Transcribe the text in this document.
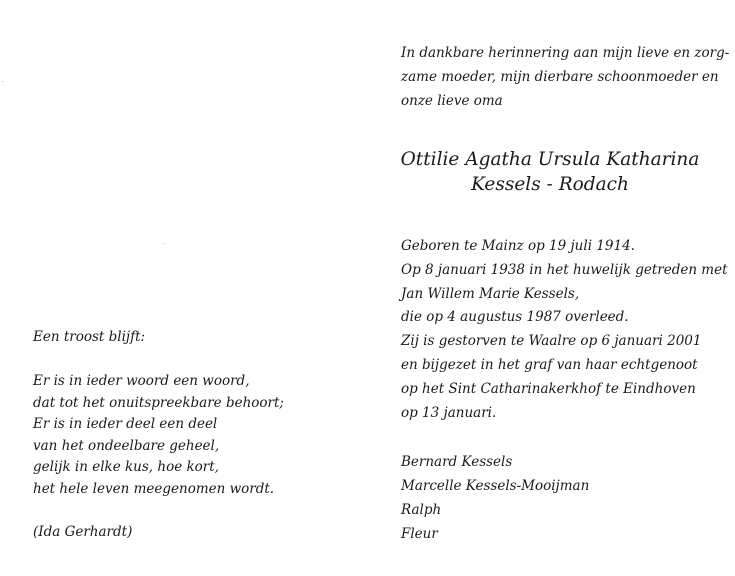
Een troost blijft:
Er is in ieder woord een woord,
dat tot het onuitspreekbare behoort;
Er is in ieder deel een deel
van het ondeelbare geheel,
gelijk in elke kus, hoe kort,
het hele leven meegenomen wordt.
(Ida Gerhardt)
In dankbare herinnering aan mijn lieve en zorg-
zame moeder, mijn dierbare schoonmoeder en
onze lieve oma
Ottilie Agatha Ursula Katharina
Kessels - Rodach
Geboren te Mainz op 19 juli 1914.
Op 8 januari 1938 in het huwelijk getreden met
Jan Willem Marie Kessels,
die op 4 augustus 1987 overleed.
Zij is gestorven te Waalre op 6 januari 2001
en bijgezet in het graf van haar echtgenoot
op het Sint Catharinakerkhof te Eindhoven
op 13 januari.
Bernard Kessels
Marcelle Kessels-Mooijman
Ralph
Fleur
